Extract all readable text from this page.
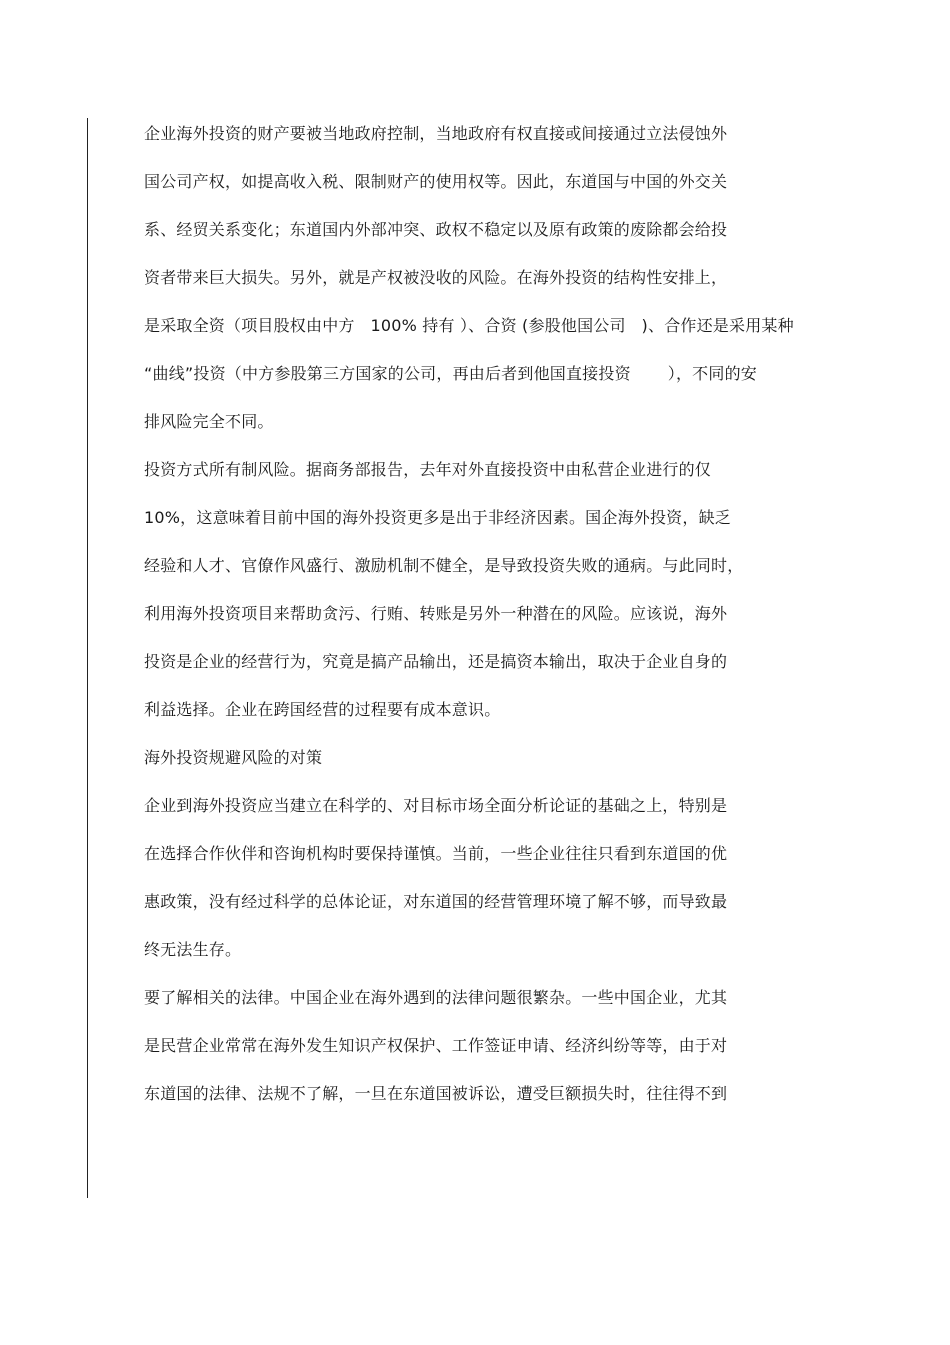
企业海外投资的财产要被当地政府控制，当地政府有权直接或间接通过立法侵蚀外
国公司产权，如提高收入税、限制财产的使用权等。因此，东道国与中国的外交关
系、经贸关系变化；东道国内外部冲突、政权不稳定以及原有政策的废除都会给投
资者带来巨大损失。另外，就是产权被没收的风险。在海外投资的结构性安排上，
是采取全资（项目股权由中方   100% 持有 ）、合资 (参股他国公司   )、合作还是采用某种
“曲线”投资（中方参股第三方国家的公司，再由后者到他国直接投资       ），不同的安
排风险完全不同。
投资方式所有制风险。据商务部报告，去年对外直接投资中由私营企业进行的仅
10%，这意味着目前中国的海外投资更多是出于非经济因素。国企海外投资，缺乏
经验和人才、官僚作风盛行、激励机制不健全，是导致投资失败的通病。与此同时，
利用海外投资项目来帮助贪污、行贿、转账是另外一种潜在的风险。应该说，海外
投资是企业的经营行为，究竟是搞产品输出，还是搞资本输出，取决于企业自身的
利益选择。企业在跨国经营的过程要有成本意识。
海外投资规避风险的对策
企业到海外投资应当建立在科学的、对目标市场全面分析论证的基础之上，特别是
在选择合作伙伴和咨询机构时要保持谨慎。当前，一些企业往往只看到东道国的优
惠政策，没有经过科学的总体论证，对东道国的经营管理环境了解不够，而导致最
终无法生存。
要了解相关的法律。中国企业在海外遇到的法律问题很繁杂。一些中国企业，尤其
是民营企业常常在海外发生知识产权保护、工作签证申请、经济纠纷等等，由于对
东道国的法律、法规不了解，一旦在东道国被诉讼，遭受巨额损失时，往往得不到
